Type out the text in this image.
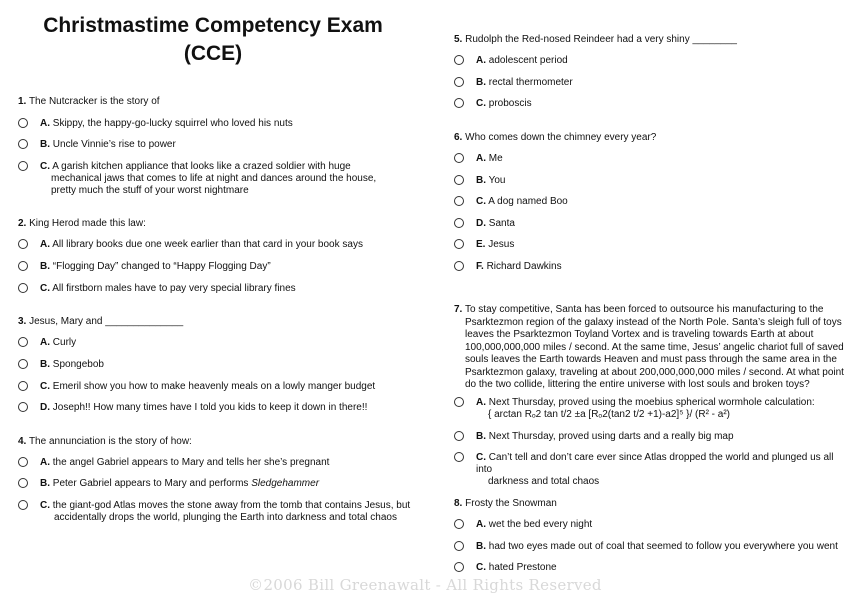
Christmastime Competency Exam
(CCE)
1. The Nutcracker is the story of
A. Skippy, the happy-go-lucky squirrel who loved his nuts
B. Uncle Vinnie’s rise to power
C. A garish kitchen appliance that looks like a crazed soldier with huge
mechanical jaws that comes to life at night and dances around the house,
pretty much the stuff of your worst nightmare
2. King Herod made this law:
A. All library books due one week earlier than that card in your book says
B. “Flogging Day” changed to “Happy Flogging Day”
C. All firstborn males have to pay very special library fines
3. Jesus, Mary and ______________
A. Curly
B. Spongebob
C. Emeril show you how to make heavenly meals on a lowly manger budget
D. Joseph!! How many times have I told you kids to keep it down in there!!
4. The annunciation is the story of how:
A. the angel Gabriel appears to Mary and tells her she’s pregnant
B. Peter Gabriel appears to Mary and performs Sledgehammer
C. the giant-god Atlas moves the stone away from the tomb that contains Jesus, but
accidentally drops the world, plunging the Earth into darkness and total chaos
5. Rudolph the Red-nosed Reindeer had a very shiny ________
A. adolescent period
B. rectal thermometer
C. proboscis
6. Who comes down the chimney every year?
A. Me
B. You
C. A dog named Boo
D. Santa
E. Jesus
F. Richard Dawkins
7. To stay competitive, Santa has been forced to outsource his manufacturing to the
Psarktezmon region of the galaxy instead of the North Pole. Santa’s sleigh full of toys
leaves the Psarktezmon Toyland Vortex and is traveling towards Earth at about
100,000,000,000 miles / second. At the same time, Jesus’ angelic chariot full of saved
souls leaves the Earth towards Heaven and must pass through the same area in the
Psarktezmon galaxy, traveling at about 200,000,000,000 miles / second. At what point
do the two collide, littering the entire universe with lost souls and broken toys?
A. Next Thursday, proved using the moebius spherical wormhole calculation:
{ arctan Rₒ2 tan t/2 ±a [Rₒ2(tan2 t/2 +1)-a2]⁵ }/ (R² - a²)
B. Next Thursday, proved using darts and a really big map
C. Can’t tell and don’t care ever since Atlas dropped the world and plunged us all into
darkness and total chaos
8. Frosty the Snowman
A. wet the bed every night
B. had two eyes made out of coal that seemed to follow you everywhere you went
C. hated Prestone
©2006 Bill Greenawalt - All Rights Reserved
